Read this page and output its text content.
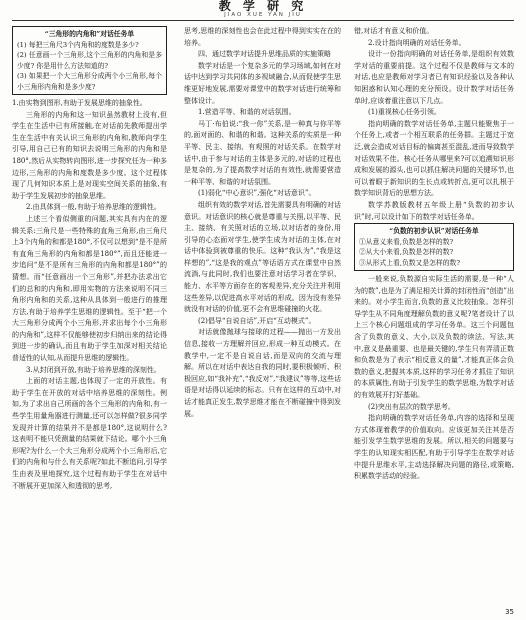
教 学 研 究
JIAO XUE YAN JIU
“三角形的内角和”对话任务单
(1) 每把三角尺3个内角和的度数是多少?
(2) 任意画一个三角形,这个三角形的内角和是多少度? 你是用什么方法知道的?
(3) 如果把一个大三角形分成两个小三角形,每个小三角形内角和是多少度?

1.由实物到图形,有助于发展思维的抽象性。

三角形的内角和这一知识虽然教材上没有,但学生在生活中已有所接触,在对话前先教师提出学生在生活中有关认识三角形的内角和,教师向学生引导,用自己已有的知识去说明三角形的内角和是180°,然后从实物转向图形,进一步探究任为一种多边形,三角形的内角和度数是多少度。这个过程体现了几何知识本质上是对现实空间关系的抽象,有助于学生发展初步的抽象思维。

2.由具体到一般,有助于培养思维的逻辑性。

上述三个看似侧重的问题,其实具有内在的逻辑关系:三角尺是一些特殊的直角三角形,由三角尺上3个内角的和都是180°,不仅可以想到“是不是所有直角三角形的内角和都是180°”,而且还能进一步追问“是不是所有三角形的内角和都是180°”的猜想。而“任意画出一个三角形”,并把办法求出它们的总和的内角和,即用实物的方法来说明不同三角形内角和的关系,这种从具体到一般进行的推理方法,有助于培养学生思维的逻辑性。至于“把一个大三角形分成两个小三角形,并求出每个小三角形的内角和”,这样不仅能够使初步归纳出来的结论得到进一步的确认,而且有助于学生加深对相关结论普适性的认知,从而提升思维的逻辑性。

3.从封闭到开放,有助于培养思维的深刻性。

上面的对话主题,也体现了一定的开放性。有助于学生在开放的对话中培养思维的深刻性。例如,为了求出自己所画的各个三角形的内角和,有一些学生用量角器进行测量,还可以怎样做?很多同学发现并计算的结果并不是都是180°,这说明什么?这表明不能只凭测量的结果就下结论。哪个小三角形呢?为什么一个大三角形分成两个小三角形后,它们的内角和与什么有关系呢?如此不断追问,引导学生由表及里地探究,这个过程有助于学生在对话中不断展开更加深入和透彻的思考,

思考,思维的深刻性也会在此过程中得到实实在在的培养。

四、通过数学对话提升思维品质的实施策略

数学对话是一个复杂多元的学习场域,如何在对话中达到学习共同体的多视域融合,从而促使学生思维更好地发展,需要对课堂中的数学对话进行统筹和整体设计。

1.营造平等、和谐的对话氛围。

马丁·布伯说:“我一你”关系,是一种真与你平等的,面对面的、和谐的和谐。这种关系的实质是一种平等、民主、接纳、有观照的对话关系。在数学对话中,由于参与对话的主体是多元的,对话的过程也是复杂的,为了提高数学对话的有效性,就需要营造一种平等、和谐的对话氛围。

(1)弱化“中心意识”,强化“对话意识”。

组织有效的数学对话,首先需要具有明确的对话意识。对话意识的核心就是尊重与关照,以平等、民主、接纳、有关照对话的立场,以对话者的身份,用引导的心态面对学生,使学生成为对话的主体,在对话中体验到被尊重的快乐。这种“我认为”,“我是这样想的”,“这是我的观点”等话语方式在课堂中自然流淌,与此同时,我们也要注意对话学习者在学识、能力、水平等方面存在的客观差异,充分关注并利用这些差异,以促进高水平对话的形成。因为没有差异就没有对话的价值,更不会有思维碰撞的火花。

(2)倡导“自说自话”,开启“互动模式”。

对话就像抛球与接球的过程——抛出一方发出信息,接收一方理解并回应,形成一种互动模式。在教学中,一定不是自说自话,而是双向的交流与理解。所以在对话中表达自我的同时,要积极倾听、积极回应,如“我补充”,“我反对”,“我建议”等等,这些话语是对话得以延续的标志。只有在这样的互动中,对话才能真正发生,数学思维才能在不断碰撞中得到发展。

错,对话才有意义和价值。

2.设计指向明确的对话任务单。

设计一份指向明确的对话任务单,是组织有效数学对话的重要前提。这个过程不仅是教师与文本的对话,也应是教师对学习者已有知识经验以及各种认知困惑和认知心理的充分预设。设计数学对话任务单时,应该着重注意以下几点。

(1)重视核心任务引领。

指向明确的数学对话任务单,主题只能聚焦于一个任务上,或者一个相互联系的任务群。主题过于宽泛,就会造成对话目标的偏离甚至混乱,进而导致数学对话效果不佳。核心任务从哪里来?可以追溯知识形成和发展的源头,也可以抓住解决问题的关键环节,也可以着眼于新知识的生长点或转折点,更可以扎根于数学知识背后的思想方法。

数学苏教版教材五年级上册“负数的初步认识”时,可以设计如下的数学对话任务单。

“负数的初步认识”对话任务单
①从意义来看,负数是怎样的数?
②从大小来看,负数是怎样的数?
③从形式上看,负数又是怎样的数?

一般来说,负数源自实际生活的需要,是一种“人为的数”,也是为了满足相关计算的封闭性而“创造”出来的。对小学生而言,负数的意义比较抽象。怎样引导学生从不同角度理解负数的意义呢?笔者设计了以上三个核心问题组成的学习任务单。这三个问题包含了负数的意义、大小,以及负数的读法、写法,其中,意义是最重要、也是最关键的,学生只有弄清正数和负数是为了表示“相反意义的量”,才能真正体会负数的意义,把握其本质,这样的学习任务才抓住了知识的本质属性,有助于引发学生的数学思维,为数学对话的有效展开打好基础。

(2)突出有层次的数学思考。

指向明确的数学对话任务单,内容的选择和呈现方式体现着教学的价值取向。应该更加关注其是否能引发学生数学思维的发展。所以,相关的问题要与学生的认知现实相匹配,有助于引导学生在数学对话中提升思维水平,主动选择解决问题的路径,或策略,积累数学活动的经验。

35
